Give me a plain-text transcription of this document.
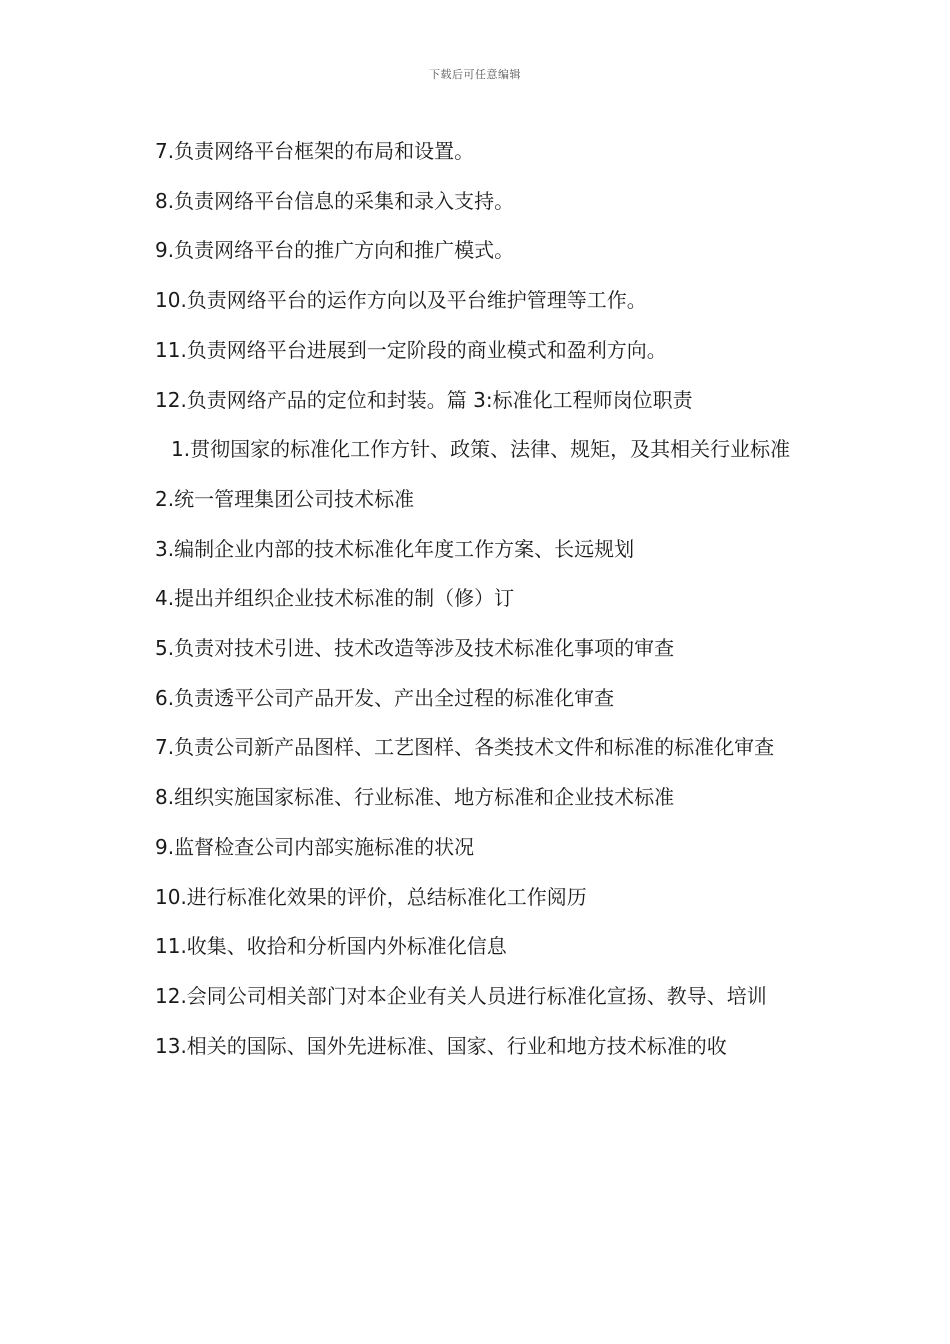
下载后可任意编辑

7.负责网络平台框架的布局和设置。

8.负责网络平台信息的采集和录入支持。

9.负责网络平台的推广方向和推广模式。

10.负责网络平台的运作方向以及平台维护管理等工作。

11.负责网络平台进展到一定阶段的商业模式和盈利方向。

12.负责网络产品的定位和封装。篇 3:标准化工程师岗位职责

1.贯彻国家的标准化工作方针、政策、法律、规矩，及其相关行业标准

2.统一管理集团公司技术标准

3.编制企业内部的技术标准化年度工作方案、长远规划

4.提出并组织企业技术标准的制（修）订

5.负责对技术引进、技术改造等涉及技术标准化事项的审查

6.负责透平公司产品开发、产出全过程的标准化审查

7.负责公司新产品图样、工艺图样、各类技术文件和标准的标准化审查

8.组织实施国家标准、行业标准、地方标准和企业技术标准

9.监督检查公司内部实施标准的状况

10.进行标准化效果的评价，总结标准化工作阅历

11.收集、收拾和分析国内外标准化信息

12.会同公司相关部门对本企业有关人员进行标准化宣扬、教导、培训

13.相关的国际、国外先进标准、国家、行业和地方技术标准的收
